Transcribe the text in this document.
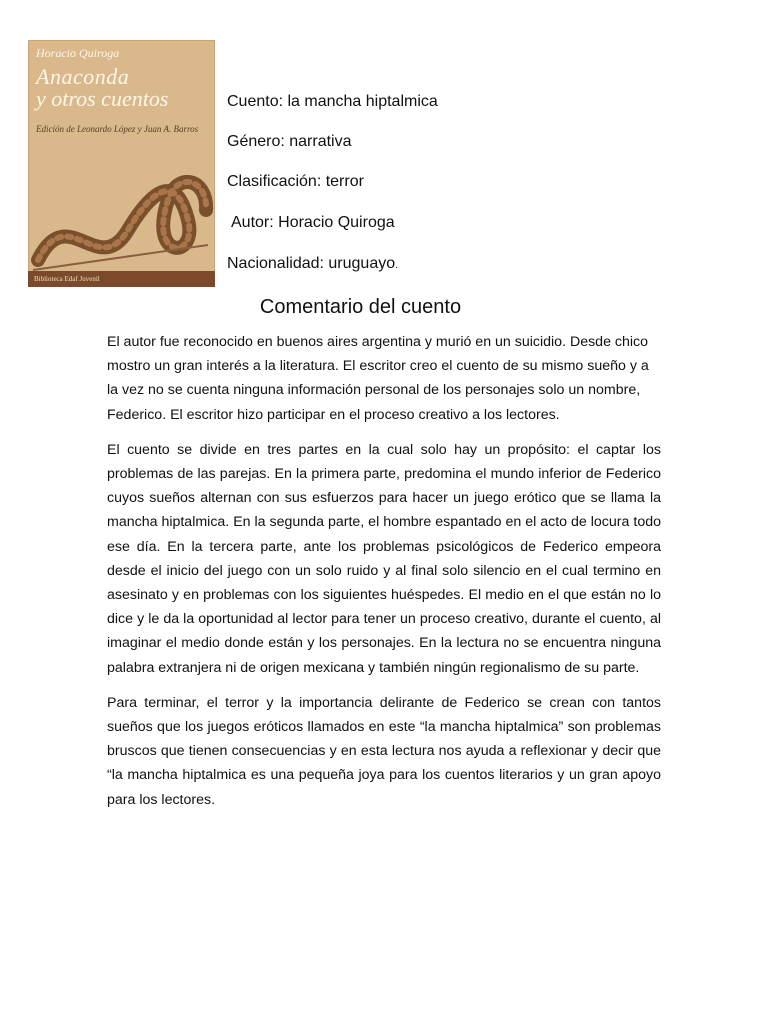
Horacio Quiroga
Anaconda
y otros cuentos
Edición de Leonardo López y Juan A. Barros
Biblioteca Edaf Juvenil
Cuento: la mancha hiptalmica
Género: narrativa
Clasificación: terror
Autor: Horacio Quiroga
Nacionalidad: uruguayo.
Comentario del cuento

El autor fue reconocido en buenos aires argentina y murió en un suicidio. Desde chico mostro un gran interés a la literatura. El escritor creo el cuento de su mismo sueño y a la vez no se cuenta ninguna información personal de los personajes solo un nombre, Federico. El escritor hizo participar en el proceso creativo a los lectores.

El cuento se divide en tres partes en la cual solo hay un propósito: el captar los problemas de las parejas. En la primera parte, predomina el mundo inferior de Federico cuyos sueños alternan con sus esfuerzos para hacer un juego erótico que se llama la mancha hiptalmica. En la segunda parte, el hombre espantado en el acto de locura todo ese día. En la tercera parte, ante los problemas psicológicos de Federico empeora desde el inicio del juego con un solo ruido y al final solo silencio en el cual termino en asesinato y en problemas con los siguientes huéspedes. El medio en el que están no lo dice y le da la oportunidad al lector para tener un proceso creativo, durante el cuento, al imaginar el medio donde están y los personajes. En la lectura no se encuentra ninguna palabra extranjera ni de origen mexicana y también ningún regionalismo de su parte.

Para terminar, el terror y la importancia delirante de Federico se crean con tantos sueños que los juegos eróticos llamados en este “la mancha hiptalmica” son problemas bruscos que tienen consecuencias y en esta lectura nos ayuda a reflexionar y decir que “la mancha hiptalmica es una pequeña joya para los cuentos literarios y un gran apoyo para los lectores.
